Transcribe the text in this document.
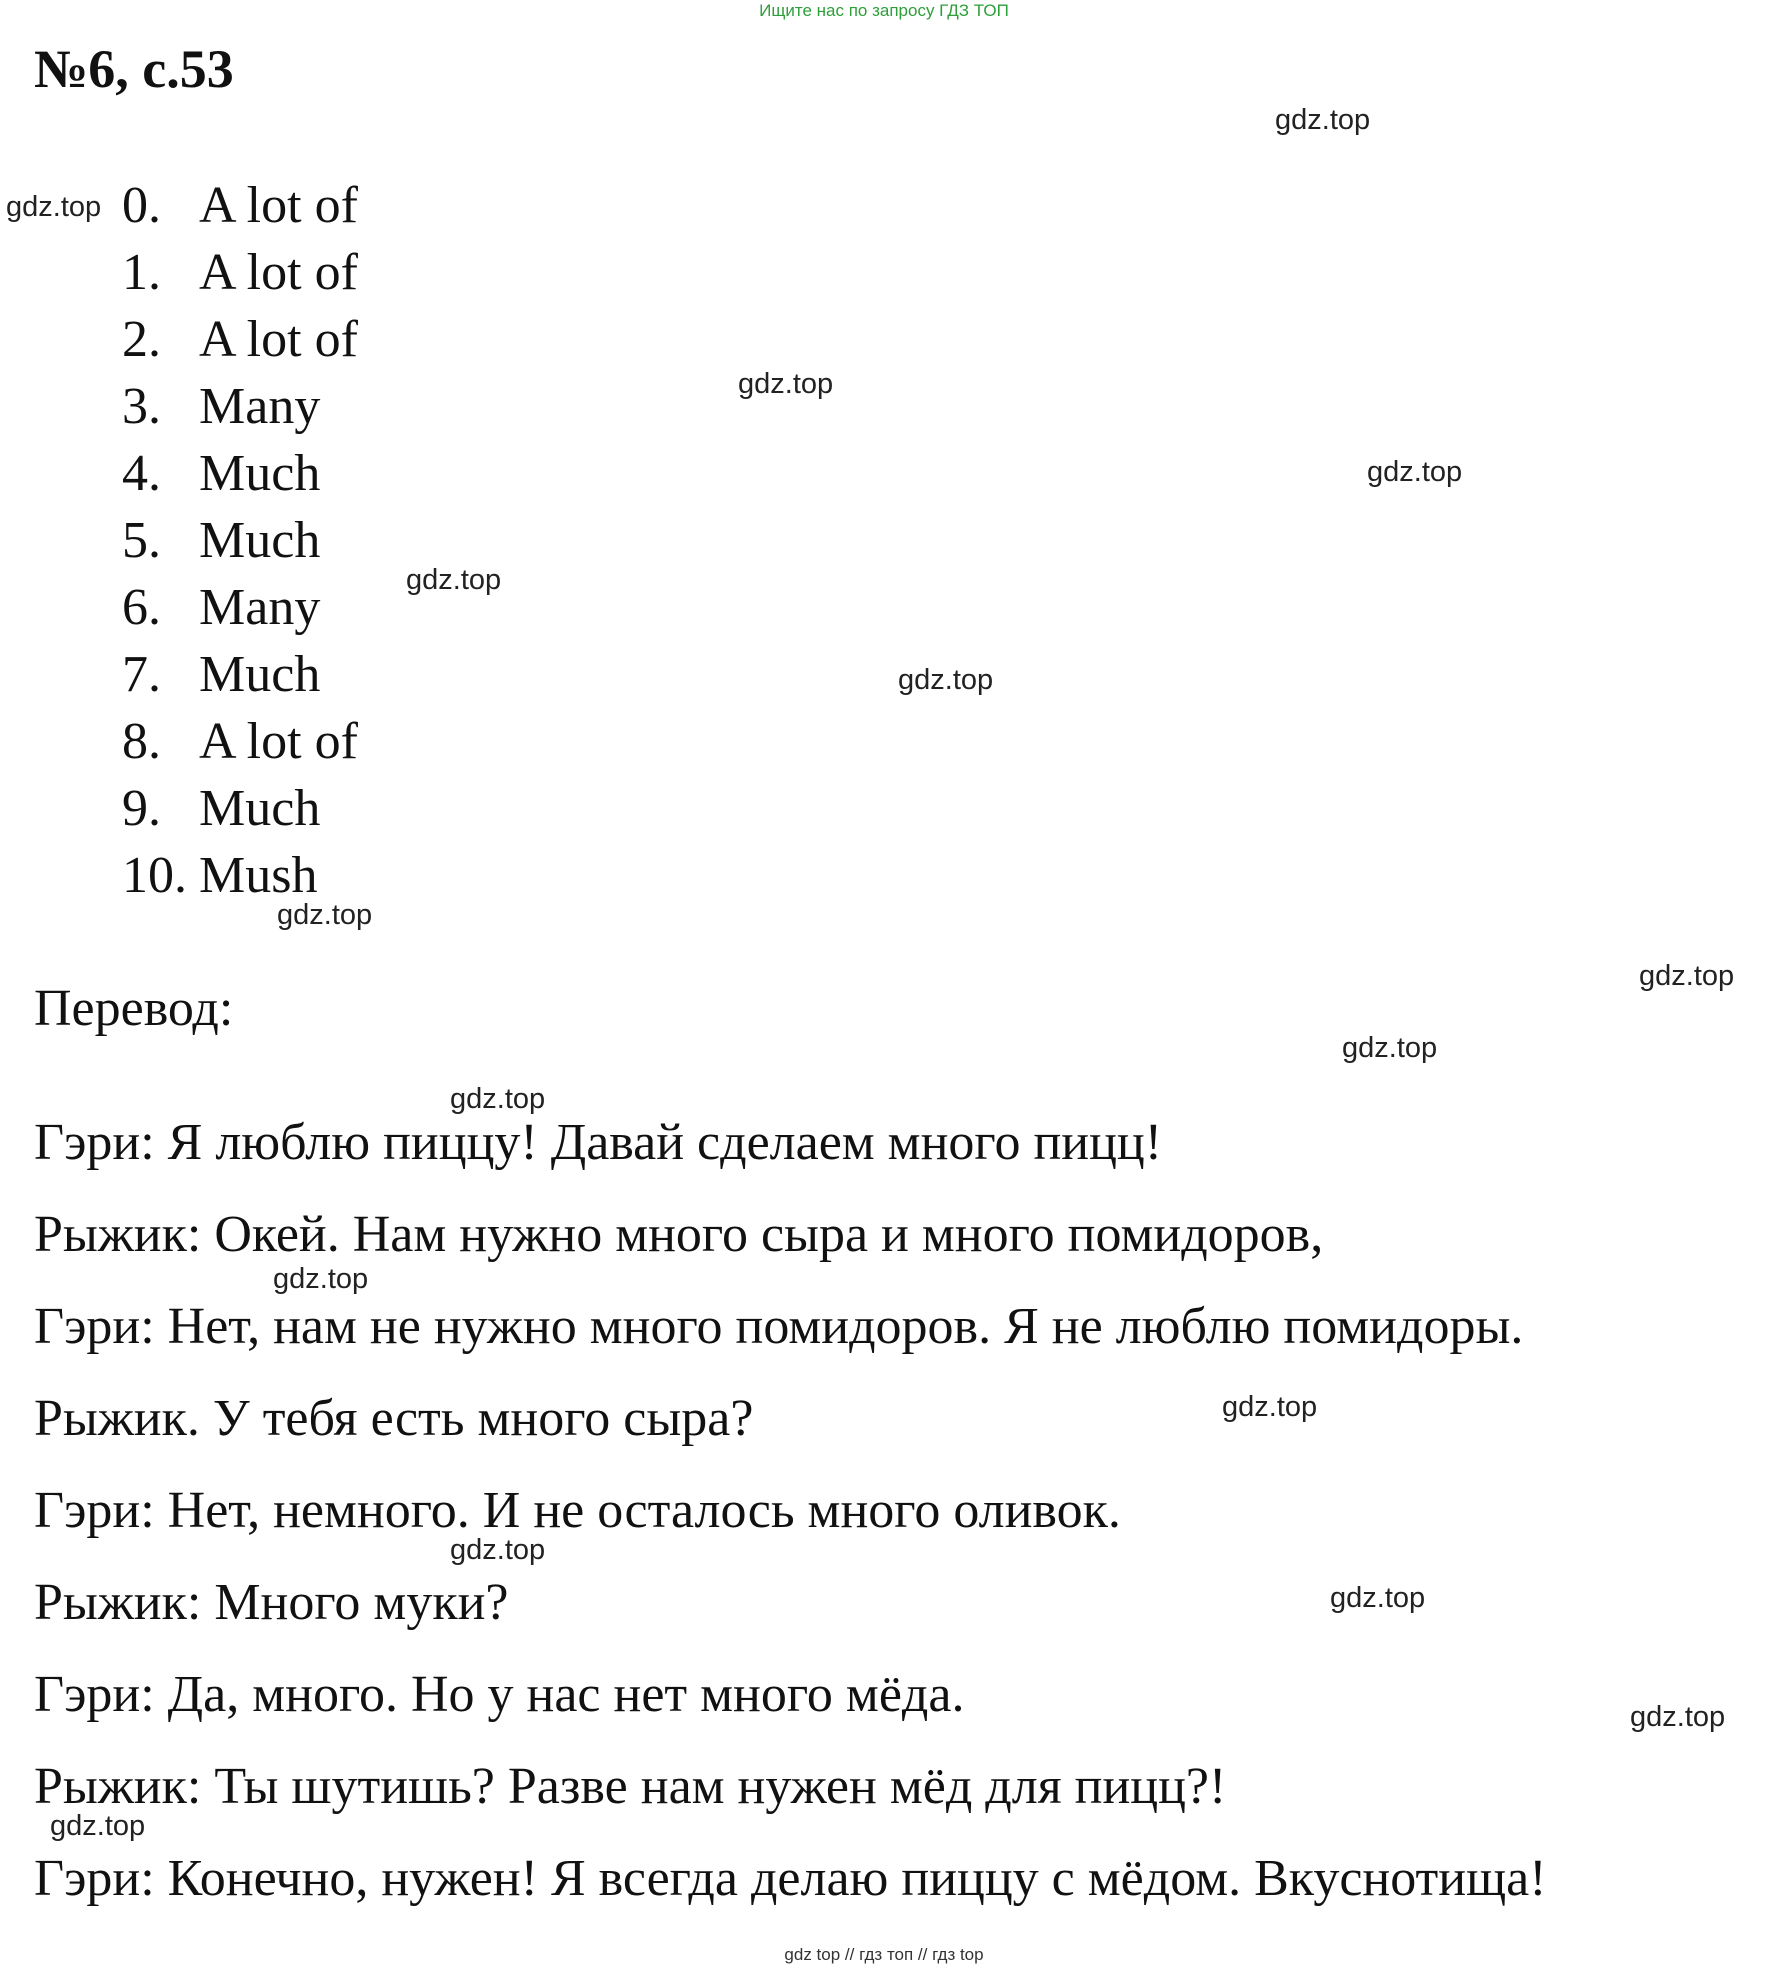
Ищите нас по запросу ГДЗ ТОП
№6, с.53
0. A lot of
1. A lot of
2. A lot of
3. Many
4. Much
5. Much
6. Many
7. Much
8. A lot of
9. Much
10. Mush
Перевод:
Гэри: Я люблю пиццу! Давай сделаем много пицц!
Рыжик: Окей. Нам нужно много сыра и много помидоров,
Гэри: Нет, нам не нужно много помидоров. Я не люблю помидоры.
Рыжик. У тебя есть много сыра?
Гэри: Нет, немного. И не осталось много оливок.
Рыжик: Много муки?
Гэри: Да, много. Но у нас нет много мёда.
Рыжик: Ты шутишь? Разве нам нужен мёд для пицц?!
Гэри: Конечно, нужен! Я всегда делаю пиццу с мёдом. Вкуснотища!
gdz.top
gdz.top
gdz.top
gdz.top
gdz.top
gdz.top
gdz.top
gdz.top
gdz.top
gdz.top
gdz.top
gdz.top
gdz.top
gdz.top
gdz.top
gdz.top
gdz top // гдз топ // гдз top
